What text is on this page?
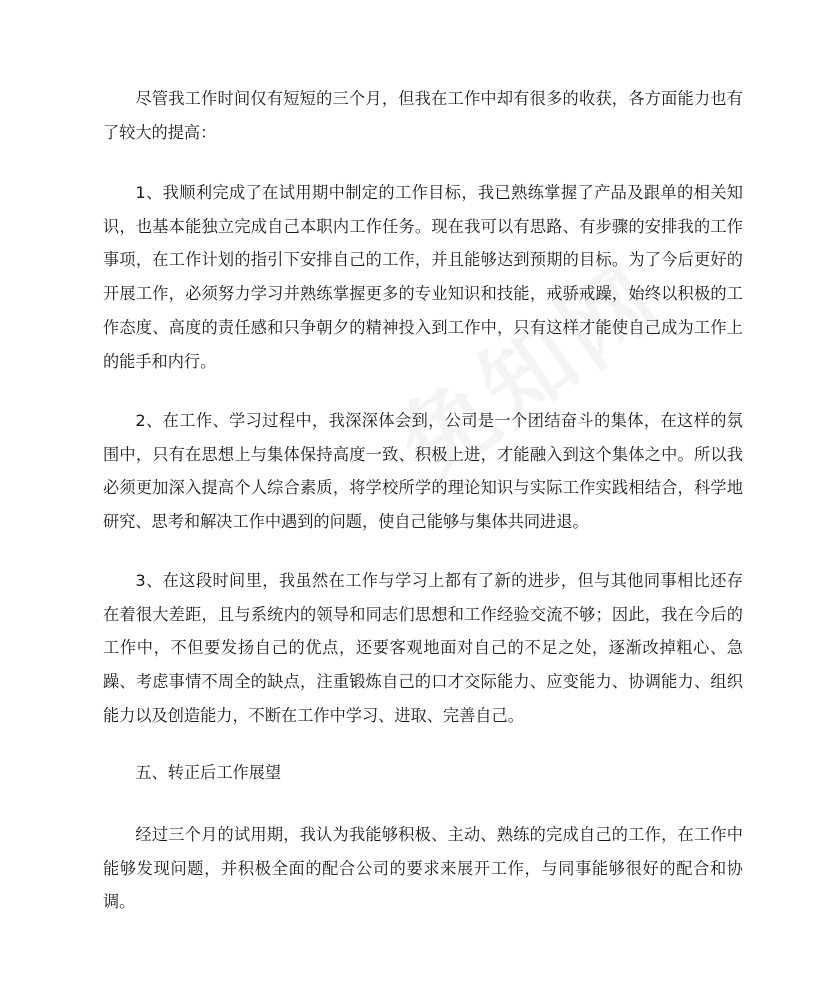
尽管我工作时间仅有短短的三个月，但我在工作中却有很多的收获，各方面能力也有了较大的提高：

1、我顺利完成了在试用期中制定的工作目标，我已熟练掌握了产品及跟单的相关知识，也基本能独立完成自己本职内工作任务。现在我可以有思路、有步骤的安排我的工作事项，在工作计划的指引下安排自己的工作，并且能够达到预期的目标。为了今后更好的开展工作，必须努力学习并熟练掌握更多的专业知识和技能，戒骄戒躁，始终以积极的工作态度、高度的责任感和只争朝夕的精神投入到工作中，只有这样才能使自己成为工作上的能手和内行。

2、在工作、学习过程中，我深深体会到，公司是一个团结奋斗的集体，在这样的氛围中，只有在思想上与集体保持高度一致、积极上进，才能融入到这个集体之中。所以我必须更加深入提高个人综合素质，将学校所学的理论知识与实际工作实践相结合，科学地研究、思考和解决工作中遇到的问题，使自己能够与集体共同进退。

3、在这段时间里，我虽然在工作与学习上都有了新的进步，但与其他同事相比还存在着很大差距，且与系统内的领导和同志们思想和工作经验交流不够；因此，我在今后的工作中，不但要发扬自己的优点，还要客观地面对自己的不足之处，逐渐改掉粗心、急躁、考虑事情不周全的缺点，注重锻炼自己的口才交际能力、应变能力、协调能力、组织能力以及创造能力，不断在工作中学习、进取、完善自己。

五、转正后工作展望

经过三个月的试用期，我认为我能够积极、主动、熟练的完成自己的工作，在工作中能够发现问题，并积极全面的配合公司的要求来展开工作，与同事能够很好的配合和协调。
